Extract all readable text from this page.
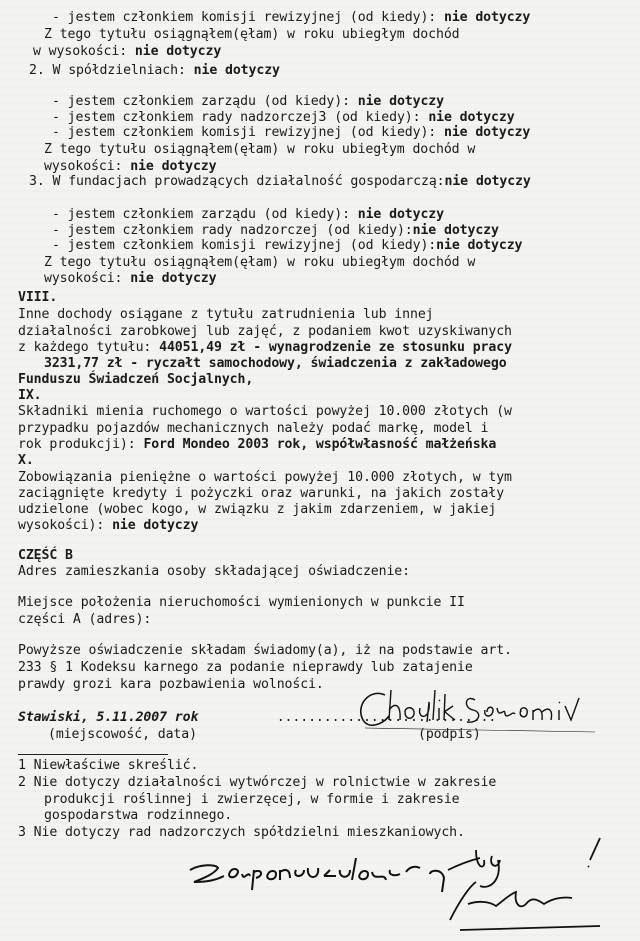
- jestem członkiem komisji rewizyjnej (od kiedy): nie dotyczy
Z tego tytułu osiągnąłem(ęłam) w roku ubiegłym dochód
w wysokości: nie dotyczy
2. W spółdzielniach: nie dotyczy
- jestem członkiem zarządu (od kiedy): nie dotyczy
- jestem członkiem rady nadzorczej3 (od kiedy): nie dotyczy
- jestem członkiem komisji rewizyjnej (od kiedy): nie dotyczy
Z tego tytułu osiągnąłem(ęłam) w roku ubiegłym dochód w
wysokości: nie dotyczy
3. W fundacjach prowadzących działalność gospodarczą:nie dotyczy
- jestem członkiem zarządu (od kiedy): nie dotyczy
- jestem członkiem rady nadzorczej (od kiedy):nie dotyczy
- jestem członkiem komisji rewizyjnej (od kiedy):nie dotyczy
Z tego tytułu osiągnąłem(ęłam) w roku ubiegłym dochód w
wysokości: nie dotyczy
VIII.
Inne dochody osiągane z tytułu zatrudnienia lub innej
działalności zarobkowej lub zajęć, z podaniem kwot uzyskiwanych
z każdego tytułu: 44051,49 zł - wynagrodzenie ze stosunku pracy
3231,77 zł - ryczałt samochodowy, świadczenia z zakładowego
Funduszu Świadczeń Socjalnych,
IX.
Składniki mienia ruchomego o wartości powyżej 10.000 złotych (w
przypadku pojazdów mechanicznych należy podać markę, model i
rok produkcji): Ford Mondeo 2003 rok, współwłasność małżeńska
X.
Zobowiązania pieniężne o wartości powyżej 10.000 złotych, w tym
zaciągnięte kredyty i pożyczki oraz warunki, na jakich zostały
udzielone (wobec kogo, w związku z jakim zdarzeniem, w jakiej
wysokości): nie dotyczy
CZĘŚĆ B
Adres zamieszkania osoby składającej oświadczenie:
Miejsce położenia nieruchomości wymienionych w punkcie II
części A (adres):
Powyższe oświadczenie składam świadomy(a), iż na podstawie art.
233 § 1 Kodeksu karnego za podanie nieprawdy lub zatajenie
prawdy grozi kara pozbawienia wolności.
Stawiski, 5.11.2007 rok          ............................
(miejscowość, data)	(podpis)
1 Niewłaściwe skreślić.
2 Nie dotyczy działalności wytwórczej w rolnictwie w zakresie
produkcji roślinnej i zwierzęcej, w formie i zakresie
gospodarstwa rodzinnego.
3 Nie dotyczy rad nadzorczych spółdzielni mieszkaniowych.
